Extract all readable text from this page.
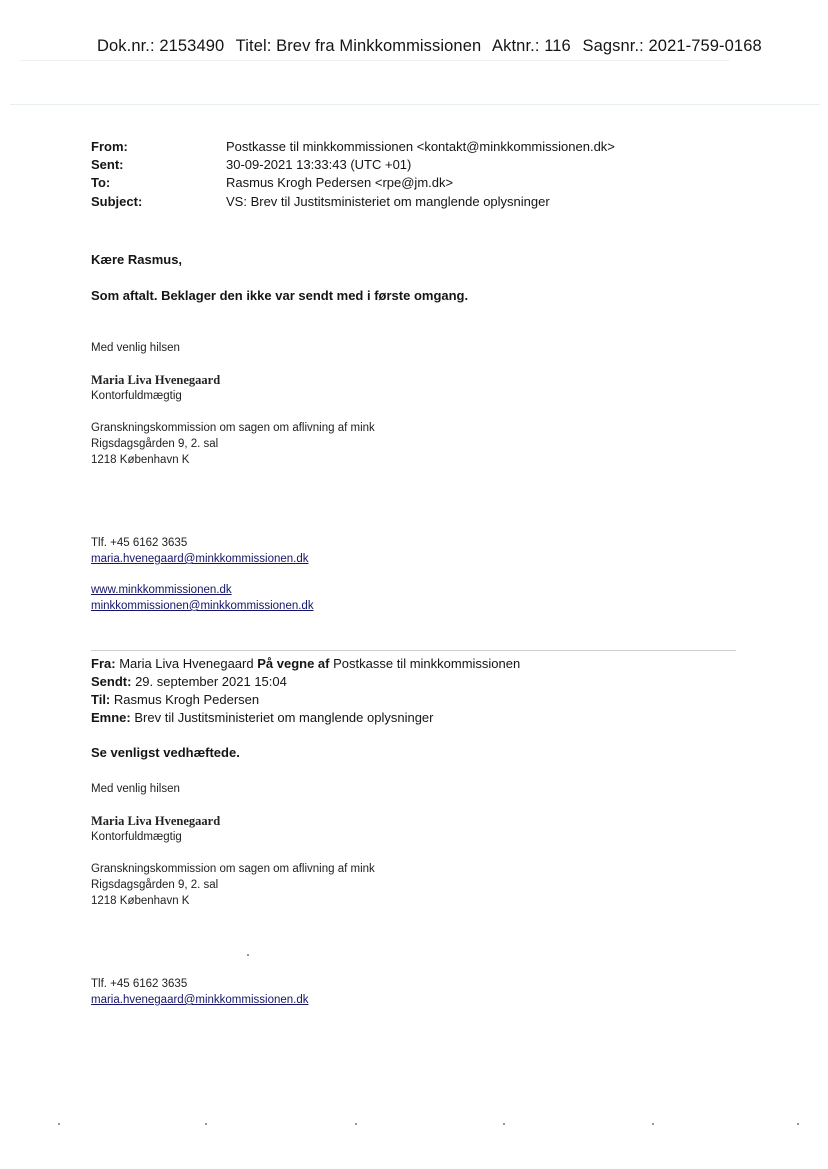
Dok.nr.: 2153490 Titel: Brev fra Minkkommissionen Aktnr.: 116 Sagsnr.: 2021-759-0168
From:	Postkasse til minkkommissionen <kontakt@minkkommissionen.dk>
Sent:	30-09-2021 13:33:43 (UTC +01)
To:	Rasmus Krogh Pedersen <rpe@jm.dk>
Subject:	VS: Brev til Justitsministeriet om manglende oplysninger
Kære Rasmus,
Som aftalt. Beklager den ikke var sendt med i første omgang.
Med venlig hilsen
Maria Liva Hvenegaard
Kontorfuldmægtig
Granskningskommission om sagen om aflivning af mink
Rigsdagsgården 9, 2. sal
1218 København K
Tlf. +45 6162 3635
maria.hvenegaard@minkkommissionen.dk
www.minkkommissionen.dk
minkkommissionen@minkkommissionen.dk
Fra: Maria Liva Hvenegaard På vegne af Postkasse til minkkommissionen
Sendt: 29. september 2021 15:04
Til: Rasmus Krogh Pedersen
Emne: Brev til Justitsministeriet om manglende oplysninger
Se venligst vedhæftede.
Med venlig hilsen
Maria Liva Hvenegaard
Kontorfuldmægtig
Granskningskommission om sagen om aflivning af mink
Rigsdagsgården 9, 2. sal
1218 København K
Tlf. +45 6162 3635
maria.hvenegaard@minkkommissionen.dk
